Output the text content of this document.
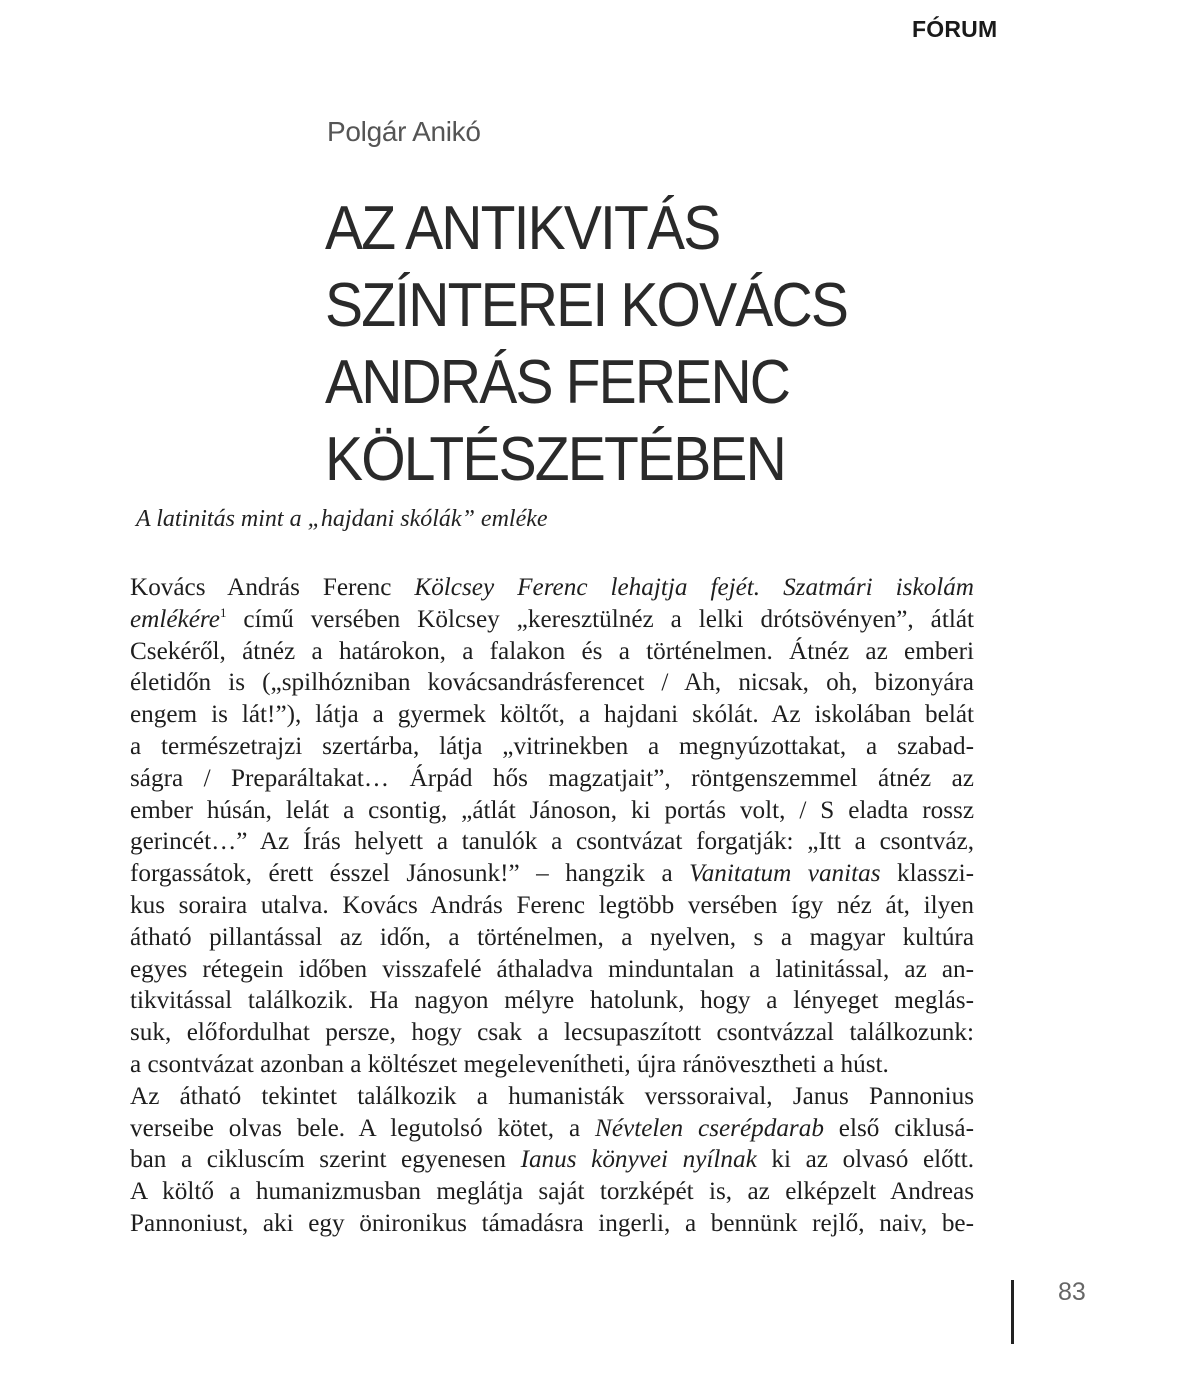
FÓRUM
Polgár Anikó
AZ ANTIKVITÁS
SZÍNTEREI KOVÁCS
ANDRÁS FERENC
KÖLTÉSZETÉBEN
A latinitás mint a „hajdani skólák” emléke

Kovács András Ferenc Kölcsey Ferenc lehajtja fejét. Szatmári iskolám
emlékére$^1$ című versében Kölcsey „keresztülnéz a lelki drótsövényen”, átlát
Csekéről, átnéz a határokon, a falakon és a történelmen. Átnéz az emberi
életidőn is („spilhózniban kovácsandrásferencet / Ah, nicsak, oh, bizonyára
engem is lát!”), látja a gyermek költőt, a hajdani skólát. Az iskolában belát
a természetrajzi szertárba, látja „vitrinekben a megnyúzottakat, a szabad-
ságra / Preparáltakat… Árpád hős magzatjait”, röntgenszemmel átnéz az
ember húsán, lelát a csontig, „átlát Jánoson, ki portás volt, / S eladta rossz
gerincét…” Az Írás helyett a tanulók a csontvázat forgatják: „Itt a csontváz,
forgassátok, érett ésszel Jánosunk!” – hangzik a Vanitatum vanitas klasszi-
kus soraira utalva. Kovács András Ferenc legtöbb versében így néz át, ilyen
átható pillantással az időn, a történelmen, a nyelven, s a magyar kultúra
egyes rétegein időben visszafelé áthaladva minduntalan a latinitással, az an-
tikvitással találkozik. Ha nagyon mélyre hatolunk, hogy a lényeget meglás-
suk, előfordulhat persze, hogy csak a lecsupaszított csontvázzal találkozunk:
a csontvázat azonban a költészet megelevenítheti, újra ránövesztheti a húst.

Az átható tekintet találkozik a humanisták verssoraival, Janus Pannonius
verseibe olvas bele. A legutolsó kötet, a Névtelen cserépdarab első ciklusá-
ban a cikluscím szerint egyenesen Ianus könyvei nyílnak ki az olvasó előtt.
A költő a humanizmusban meglátja saját torzképét is, az elképzelt Andreas
Pannoniust, aki egy önironikus támadásra ingerli, a bennünk rejlő, naiv, be-

83
